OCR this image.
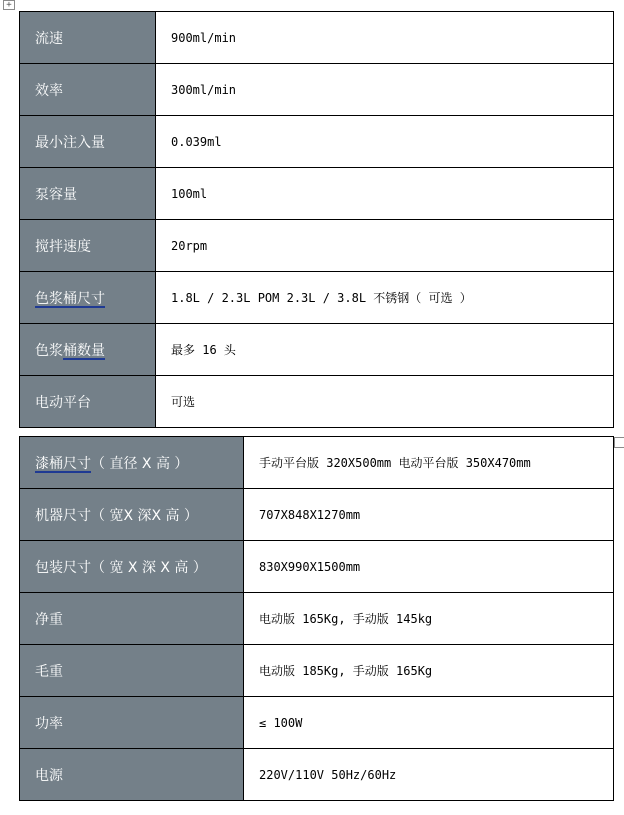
+
流速	900ml/min
效率	300ml/min
最小注入量	0.039ml
泵容量	100ml
搅拌速度	20rpm
色浆桶尺寸	1.8L / 2.3L POM 2.3L / 3.8L 不锈钢（ 可选 ）
色浆桶数量	最多 16 头
电动平台	可选
漆桶尺寸（ 直径 X 高 ）	手动平台版 320X500mm 电动平台版 350X470mm
机器尺寸（ 宽X 深X 高 ）	707X848X1270mm
包装尺寸（ 宽 X 深 X 高 ）	830X990X1500mm
净重	电动版 165Kg, 手动版 145kg
毛重	电动版 185Kg, 手动版 165Kg
功率	≤ 100W
电源	220V/110V 50Hz/60Hz
